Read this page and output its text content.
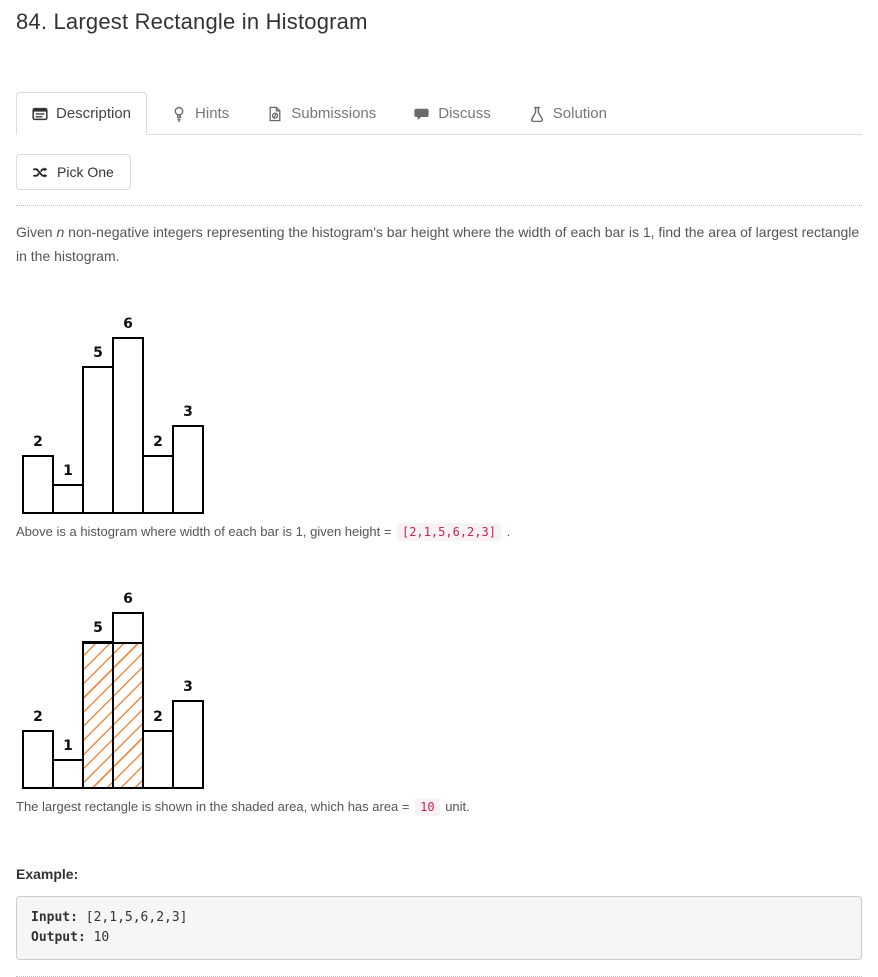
84. Largest Rectangle in Histogram
Description	Hints	Submissions	Discuss	Solution
Pick One

Given n non-negative integers representing the histogram's bar height where the width of each bar is 1, find the area of largest rectangle in the histogram.

2
1
5
6
2
3

Above is a histogram where width of each bar is 1, given height = [2,1,5,6,2,3] .

2
1
5
6
2
3

The largest rectangle is shown in the shaded area, which has area = 10 unit.

Example:
Input: [2,1,5,6,2,3]
Output: 10
